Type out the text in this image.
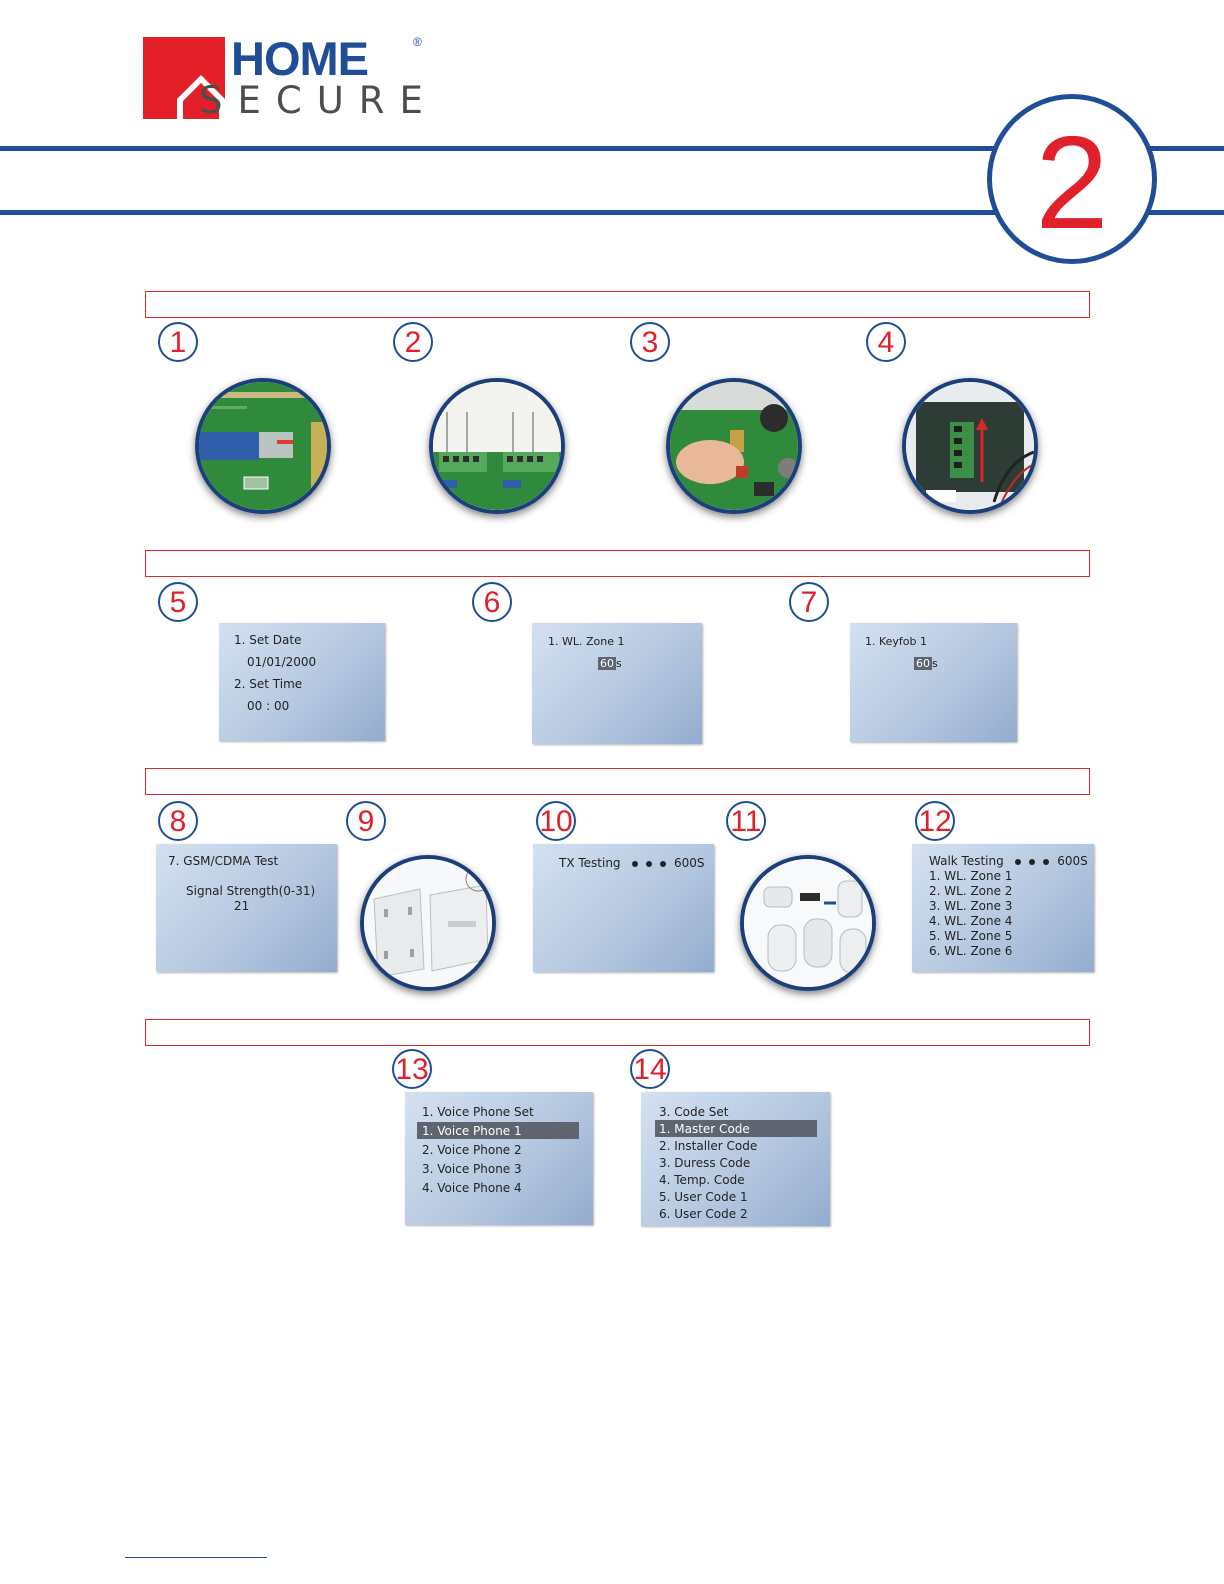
HOME	®
SECURE
2
1	2	3	4
5	6	7
1. Set Date
01/01/2000
2. Set Time
00 : 00
1. WL. Zone 1
60 s
1. Keyfob 1
60 s
8	9	10	11	12
7. GSM/CDMA Test
Signal Strength(0-31)
21
TX Testing	600S	Walk Testing	600S
1. WL. Zone 1
2. WL. Zone 2
3. WL. Zone 3
4. WL. Zone 4
5. WL. Zone 5
6. WL. Zone 6
13	14
1. Voice Phone Set
1. Voice Phone 1
2. Voice Phone 2
3. Voice Phone 3
4. Voice Phone 4
3. Code Set
1. Master Code
2. Installer Code
3. Duress Code
4. Temp. Code
5. User Code 1
6. User Code 2
